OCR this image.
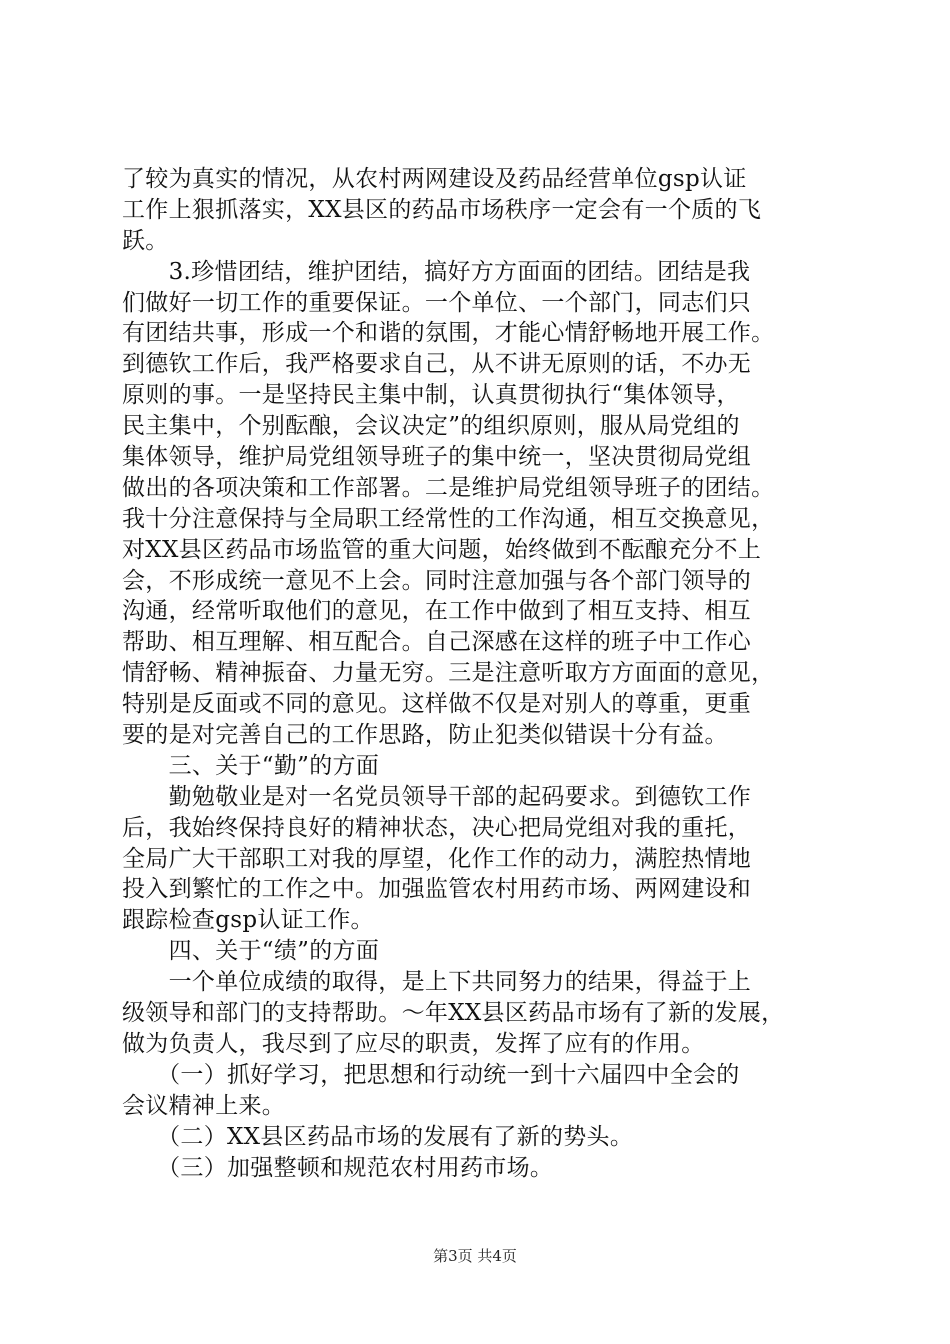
了较为真实的情况，从农村两网建设及药品经营单位gsp认证
工作上狠抓落实，XX县区的药品市场秩序一定会有一个质的飞
跃。
　　3.珍惜团结，维护团结，搞好方方面面的团结。团结是我
们做好一切工作的重要保证。一个单位、一个部门，同志们只
有团结共事，形成一个和谐的氛围，才能心情舒畅地开展工作。
到德钦工作后，我严格要求自己，从不讲无原则的话，不办无
原则的事。一是坚持民主集中制，认真贯彻执行“集体领导，
民主集中，个别酝酿，会议决定”的组织原则，服从局党组的
集体领导，维护局党组领导班子的集中统一，坚决贯彻局党组
做出的各项决策和工作部署。二是维护局党组领导班子的团结。
我十分注意保持与全局职工经常性的工作沟通，相互交换意见，
对XX县区药品市场监管的重大问题，始终做到不酝酿充分不上
会，不形成统一意见不上会。同时注意加强与各个部门领导的
沟通，经常听取他们的意见，在工作中做到了相互支持、相互
帮助、相互理解、相互配合。自己深感在这样的班子中工作心
情舒畅、精神振奋、力量无穷。三是注意听取方方面面的意见，
特别是反面或不同的意见。这样做不仅是对别人的尊重，更重
要的是对完善自己的工作思路，防止犯类似错误十分有益。
　　三、关于“勤”的方面
　　勤勉敬业是对一名党员领导干部的起码要求。到德钦工作
后，我始终保持良好的精神状态，决心把局党组对我的重托，
全局广大干部职工对我的厚望，化作工作的动力，满腔热情地
投入到繁忙的工作之中。加强监管农村用药市场、两网建设和
跟踪检查gsp认证工作。
　　四、关于“绩”的方面
　　一个单位成绩的取得，是上下共同努力的结果，得益于上
级领导和部门的支持帮助。～年XX县区药品市场有了新的发展，
做为负责人，我尽到了应尽的职责，发挥了应有的作用。
　　（一）抓好学习，把思想和行动统一到十六届四中全会的
会议精神上来。
　　（二）XX县区药品市场的发展有了新的势头。
　　（三）加强整顿和规范农村用药市场。
第3页 共4页
